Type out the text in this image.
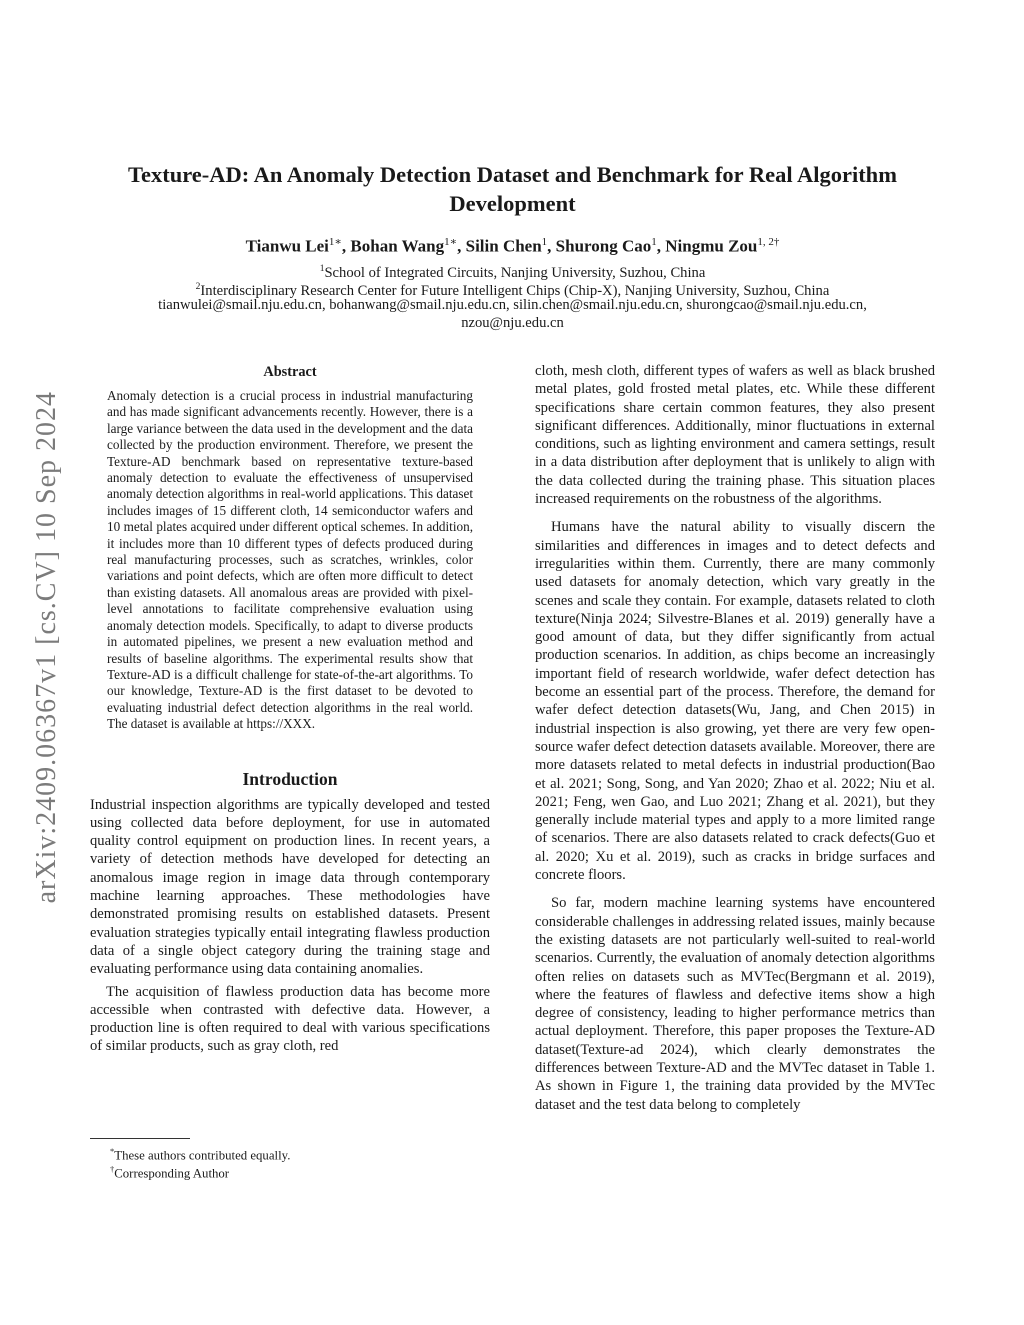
arXiv:2409.06367v1 [cs.CV] 10 Sep 2024
Texture-AD: An Anomaly Detection Dataset and Benchmark for Real Algorithm Development
Tianwu Lei$^{1∗}$, Bohan Wang$^{1∗}$, Silin Chen$^1$, Shurong Cao$^1$, Ningmu Zou$^{1, 2\dagger}$
$^1$School of Integrated Circuits, Nanjing University, Suzhou, China
$^2$Interdisciplinary Research Center for Future Intelligent Chips (Chip-X), Nanjing University, Suzhou, China
tianwulei@smail.nju.edu.cn, bohanwang@smail.nju.edu.cn, silin.chen@smail.nju.edu.cn, shurongcao@smail.nju.edu.cn,
nzou@nju.edu.cn
Abstract

Anomaly detection is a crucial process in industrial manufacturing and has made significant advancements recently. However, there is a large variance between the data used in the development and the data collected by the production environment. Therefore, we present the Texture-AD benchmark based on representative texture-based anomaly detection to evaluate the effectiveness of unsupervised anomaly detection algorithms in real-world applications. This dataset includes images of 15 different cloth, 14 semiconductor wafers and 10 metal plates acquired under different optical schemes. In addition, it includes more than 10 different types of defects produced during real manufacturing processes, such as scratches, wrinkles, color variations and point defects, which are often more difficult to detect than existing datasets. All anomalous areas are provided with pixel-level annotations to facilitate comprehensive evaluation using anomaly detection models. Specifically, to adapt to diverse products in automated pipelines, we present a new evaluation method and results of baseline algorithms. The experimental results show that Texture-AD is a difficult challenge for state-of-the-art algorithms. To our knowledge, Texture-AD is the first dataset to be devoted to evaluating industrial defect detection algorithms in the real world. The dataset is available at https://XXX.

Introduction

Industrial inspection algorithms are typically developed and tested using collected data before deployment, for use in automated quality control equipment on production lines. In recent years, a variety of detection methods have developed for detecting an anomalous image region in image data through contemporary machine learning approaches. These methodologies have demonstrated promising results on established datasets. Present evaluation strategies typically entail integrating flawless production data of a single object category during the training stage and evaluating performance using data containing anomalies.

The acquisition of flawless production data has become more accessible when contrasted with defective data. However, a production line is often required to deal with various specifications of similar products, such as gray cloth, red

cloth, mesh cloth, different types of wafers as well as black brushed metal plates, gold frosted metal plates, etc. While these different specifications share certain common features, they also present significant differences. Additionally, minor fluctuations in external conditions, such as lighting environment and camera settings, result in a data distribution after deployment that is unlikely to align with the data collected during the training phase. This situation places increased requirements on the robustness of the algorithms.

Humans have the natural ability to visually discern the similarities and differences in images and to detect defects and irregularities within them. Currently, there are many commonly used datasets for anomaly detection, which vary greatly in the scenes and scale they contain. For example, datasets related to cloth texture(Ninja 2024; Silvestre-Blanes et al. 2019) generally have a good amount of data, but they differ significantly from actual production scenarios. In addition, as chips become an increasingly important field of research worldwide, wafer defect detection has become an essential part of the process. Therefore, the demand for wafer defect detection datasets(Wu, Jang, and Chen 2015) in industrial inspection is also growing, yet there are very few open-source wafer defect detection datasets available. Moreover, there are more datasets related to metal defects in industrial production(Bao et al. 2021; Song, Song, and Yan 2020; Zhao et al. 2022; Niu et al. 2021; Feng, wen Gao, and Luo 2021; Zhang et al. 2021), but they generally include material types and apply to a more limited range of scenarios. There are also datasets related to crack defects(Guo et al. 2020; Xu et al. 2019), such as cracks in bridge surfaces and concrete floors.

So far, modern machine learning systems have encountered considerable challenges in addressing related issues, mainly because the existing datasets are not particularly well-suited to real-world scenarios. Currently, the evaluation of anomaly detection algorithms often relies on datasets such as MVTec(Bergmann et al. 2019), where the features of flawless and defective items show a high degree of consistency, leading to higher performance metrics than actual deployment. Therefore, this paper proposes the Texture-AD dataset(Texture-ad 2024), which clearly demonstrates the differences between Texture-AD and the MVTec dataset in Table 1. As shown in Figure 1, the training data provided by the MVTec dataset and the test data belong to completely

*These authors contributed equally.
†Corresponding Author
